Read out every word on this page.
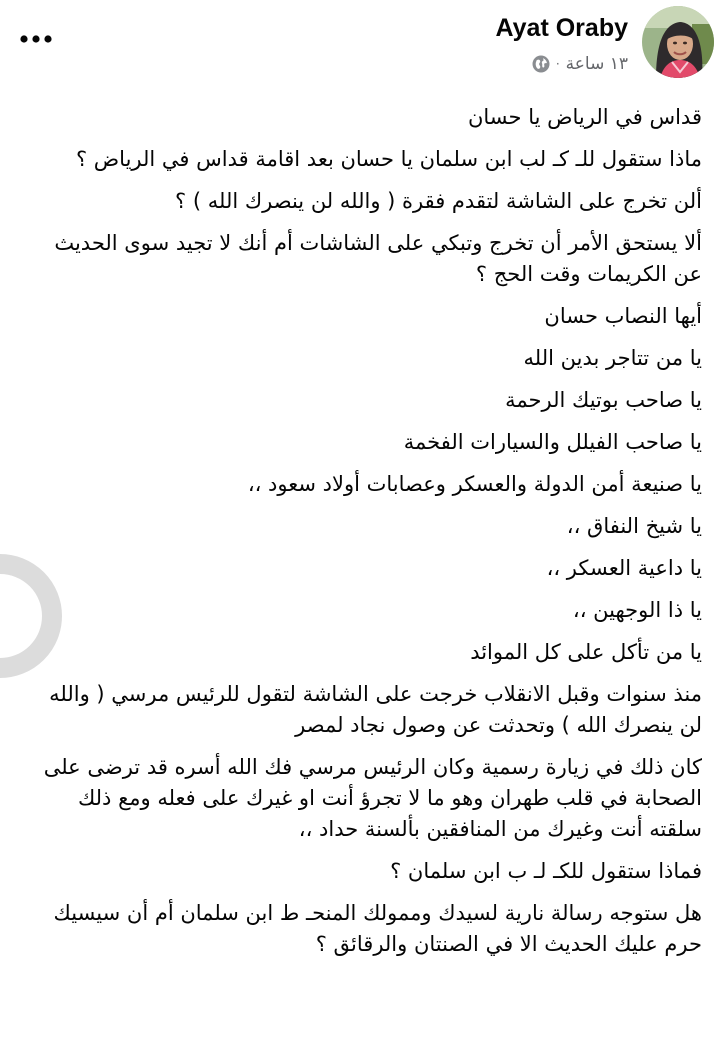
Ayat Oraby
١٣ ساعة
·

قداس في الرياض يا حسان

ماذا ستقول للـ كـ لب ابن سلمان يا حسان بعد اقامة قداس في الرياض ؟

ألن تخرج على الشاشة لتقدم فقرة ( والله لن ينصرك الله ) ؟

ألا يستحق الأمر أن تخرج وتبكي على الشاشات أم أنك لا تجيد سوى الحديث عن الكريمات وقت الحج ؟

أيها النصاب حسان

يا من تتاجر بدين الله

يا صاحب بوتيك الرحمة

يا صاحب الفيلل والسيارات الفخمة

يا صنيعة أمن الدولة والعسكر وعصابات أولاد سعود ،،

يا شيخ النفاق ،،

يا داعية العسكر ،،

يا ذا الوجهين ،،

يا من تأكل على كل الموائد

منذ سنوات وقبل الانقلاب خرجت على الشاشة لتقول للرئيس مرسي ( والله لن ينصرك الله ) وتحدثت عن وصول نجاد لمصر

كان ذلك في زيارة رسمية وكان الرئيس مرسي فك الله أسره قد ترضى على الصحابة في قلب طهران وهو ما لا تجرؤ أنت او غيرك على فعله ومع ذلك سلقته أنت وغيرك من المنافقين بألسنة حداد ،،

فماذا ستقول للكـ لـ ب ابن سلمان ؟

هل ستوجه رسالة نارية لسيدك وممولك المنحـ ط ابن سلمان أم أن سيسيك حرم عليك الحديث الا في الصنتان والرقائق ؟
